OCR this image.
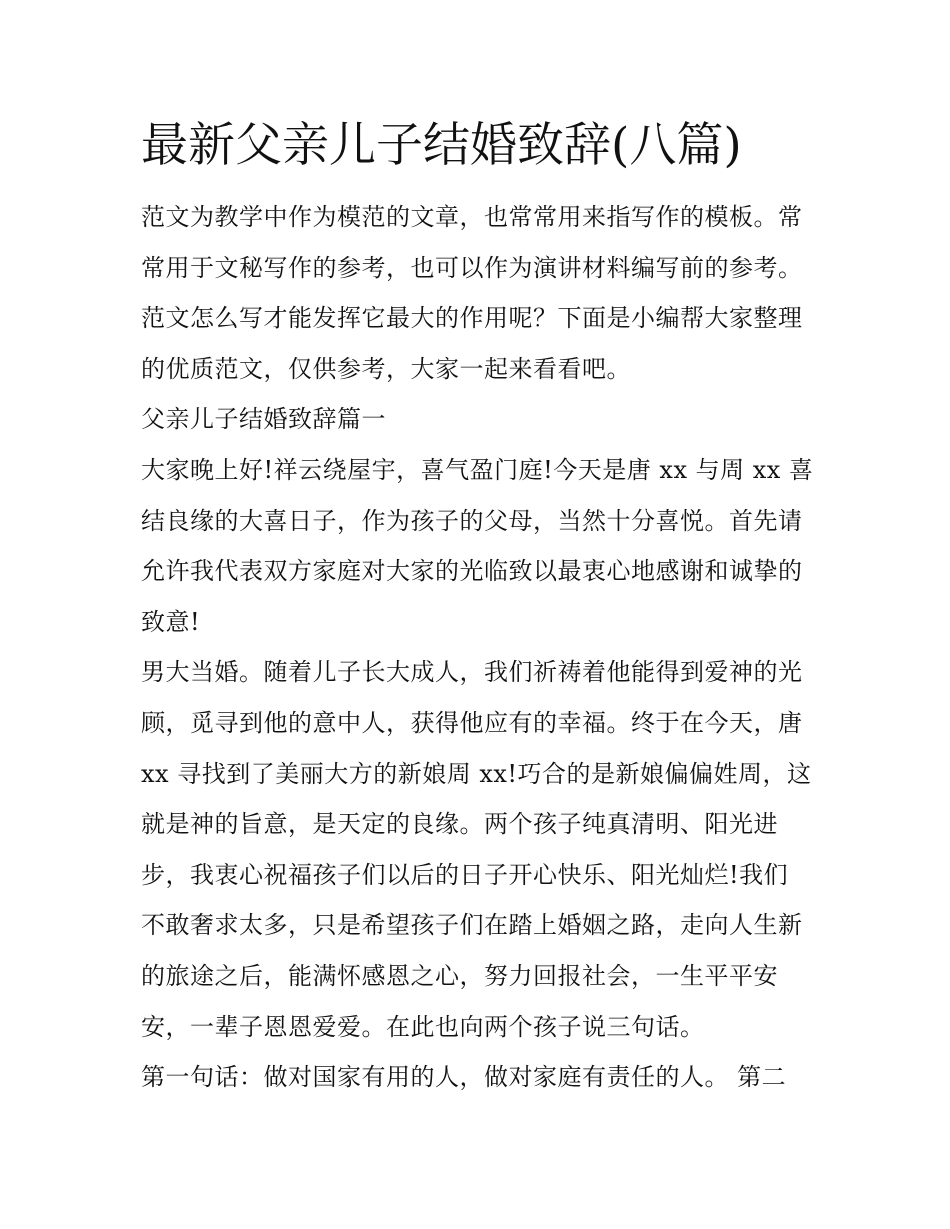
最新父亲儿子结婚致辞(八篇)
范文为教学中作为模范的文章，也常常用来指写作的模板。常
常用于文秘写作的参考，也可以作为演讲材料编写前的参考。
范文怎么写才能发挥它最大的作用呢？下面是小编帮大家整理
的优质范文，仅供参考，大家一起来看看吧。
父亲儿子结婚致辞篇一
大家晚上好!祥云绕屋宇，喜气盈门庭!今天是唐 xx 与周 xx 喜
结良缘的大喜日子，作为孩子的父母，当然十分喜悦。首先请
允许我代表双方家庭对大家的光临致以最衷心地感谢和诚挚的
致意!
男大当婚。随着儿子长大成人，我们祈祷着他能得到爱神的光
顾，觅寻到他的意中人，获得他应有的幸福。终于在今天，唐
xx 寻找到了美丽大方的新娘周 xx!巧合的是新娘偏偏姓周，这
就是神的旨意，是天定的良缘。两个孩子纯真清明、阳光进
步，我衷心祝福孩子们以后的日子开心快乐、阳光灿烂!我们
不敢奢求太多，只是希望孩子们在踏上婚姻之路，走向人生新
的旅途之后，能满怀感恩之心，努力回报社会，一生平平安
安，一辈子恩恩爱爱。在此也向两个孩子说三句话。
第一句话：做对国家有用的人，做对家庭有责任的人。 第二
